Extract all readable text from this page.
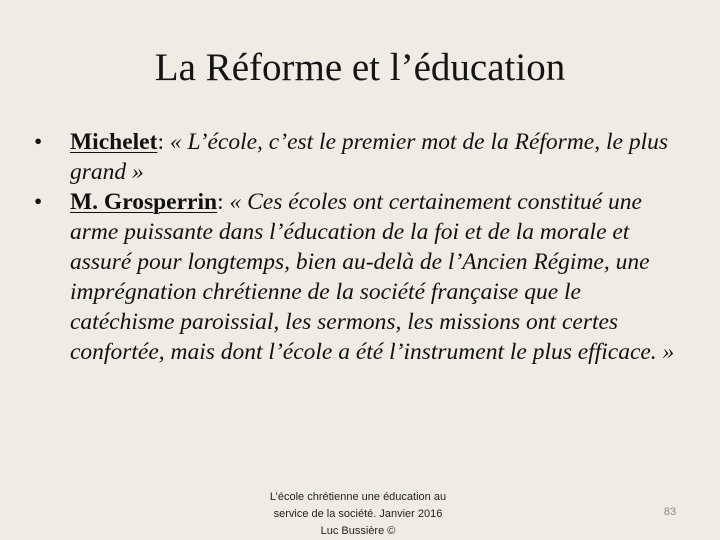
La Réforme et l’éducation
• Michelet: « L’école, c’est le premier mot de la Réforme, le plus grand »
• M. Grosperrin: « Ces écoles ont certainement constitué une arme puissante dans l’éducation de la foi et de la morale et assuré pour longtemps, bien au-delà de l’Ancien Régime, une imprégnation chrétienne de la société française que le catéchisme paroissial, les sermons, les missions ont certes confortée, mais dont l’école a été l’instrument le plus efficace. »
L’école chrétienne une éducation au
service de la société. Janvier 2016
Luc Bussière ©
83
